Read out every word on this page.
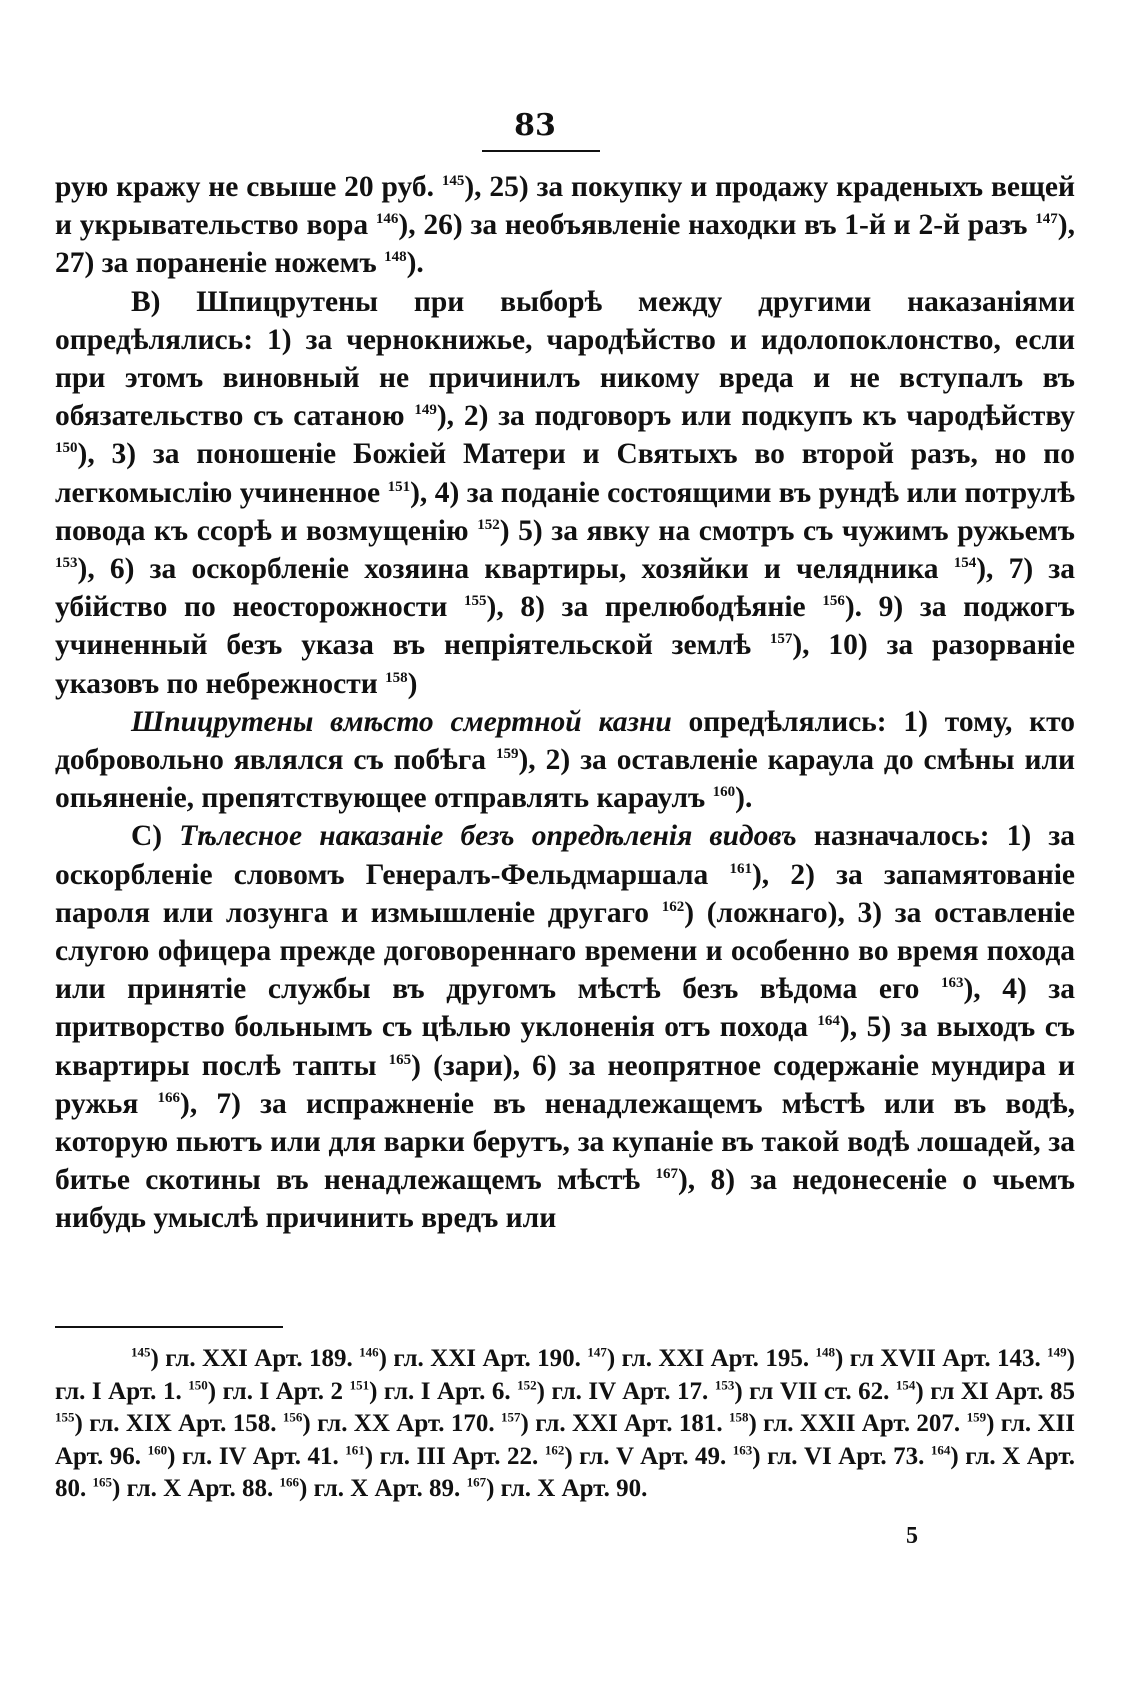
83

рую кражу не свыше 20 руб. $^{145}$), 25) за покупку и продажу краденыхъ вещей и укрывательство вора $^{146}$), 26) за необъявленіе находки въ 1-й и 2-й разъ $^{147}$), 27) за пораненіе ножемъ $^{148}$).

B) Шпицрутены при выборѣ между другими наказаніями опредѣлялись: 1) за чернокнижье, чародѣйство и идолопоклонство, если при этомъ виновный не причинилъ никому вреда и не вступалъ въ обязательство съ сатаною $^{149}$), 2) за подговоръ или подкупъ къ чародѣйству $^{150}$), 3) за поношеніе Божіей Матери и Святыхъ во второй разъ, но по легкомыслію учиненное $^{151}$), 4) за поданіе состоящими въ рундѣ или потрулѣ повода къ ссорѣ и возмущенію $^{152}$) 5) за явку на смотръ съ чужимъ ружьемъ $^{153}$), 6) за оскорбленіе хозяина квартиры, хозяйки и челядника $^{154}$), 7) за убійство по неосторожности $^{155}$), 8) за прелюбодѣяніе $^{156}$). 9) за поджогъ учиненный безъ указа въ непріятельской землѣ $^{157}$), 10) за разорваніе указовъ по небрежности $^{158}$)

Шпицрутены вмѣсто смертной казни опредѣлялись: 1) тому, кто добровольно являлся съ побѣга $^{159}$), 2) за оставленіе караула до смѣны или опьяненіе, препятствующее отправлять караулъ $^{160}$).

C) Тѣлесное наказаніе безъ опредѣленія видовъ назначалось: 1) за оскорбленіе словомъ Генералъ-Фельдмаршала $^{161}$), 2) за запамятованіе пароля или лозунга и измышленіе другаго $^{162}$) (ложнаго), 3) за оставленіе слугою офицера прежде договореннаго времени и особенно во время похода или принятіе службы въ другомъ мѣстѣ безъ вѣдома его $^{163}$), 4) за притворство больнымъ съ цѣлью уклоненія отъ похода $^{164}$), 5) за выходъ съ квартиры послѣ тапты $^{165}$) (зари), 6) за неопрятное содержаніе мундира и ружья $^{166}$), 7) за испражненіе въ ненадлежащемъ мѣстѣ или въ водѣ, которую пьютъ или для варки берутъ, за купаніе въ такой водѣ лошадей, за битье скотины въ ненадлежащемъ мѣстѣ $^{167}$), 8) за недонесеніе о чьемъ нибудь умыслѣ причинить вредъ или

$^{145}$) гл. XXI Арт. 189. $^{146}$) гл. XXI Арт. 190. $^{147}$) гл. XXI Арт. 195. $^{148}$) гл XVII Арт. 143. $^{149}$) гл. I Арт. 1. $^{150}$) гл. I Арт. 2 $^{151}$) гл. I Арт. 6. $^{152}$) гл. IV Арт. 17. $^{153}$) гл VII ст. 62. $^{154}$) гл XI Арт. 85 $^{155}$) гл. XIX Арт. 158. $^{156}$) гл. XX Арт. 170. $^{157}$) гл. XXI Арт. 181. $^{158}$) гл. XXII Арт. 207. $^{159}$) гл. XII Арт. 96. $^{160}$) гл. IV Арт. 41. $^{161}$) гл. III Арт. 22. $^{162}$) гл. V Арт. 49. $^{163}$) гл. VI Арт. 73. $^{164}$) гл. X Арт. 80. $^{165}$) гл. X Арт. 88. $^{166}$) гл. X Арт. 89. $^{167}$) гл. X Арт. 90.

5
